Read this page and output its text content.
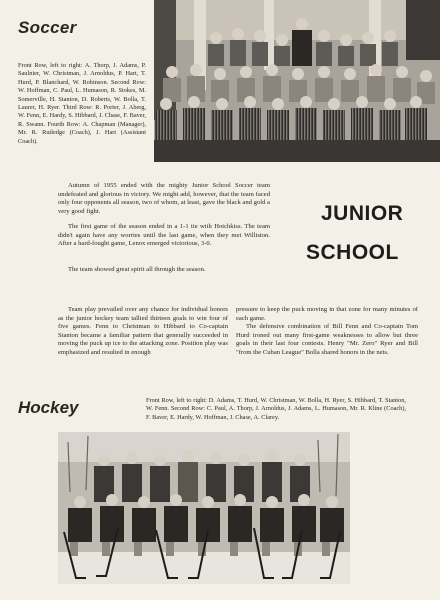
Soccer
Front Row, left to right: A. Thorp, J. Adams, P. Saulnier, W. Christman, J. Arnoldus, P. Hart, T. Hurd, P. Blanchard, W. Robinson. Second Row: W. Hoffman, C. Paul, L. Humason, R. Stokes, M. Somerville, H. Stanton, D. Roberts, W. Bolla, T. Laurer, H. Ryer. Third Row: R. Porter, J. Aberg, W. Fenn, E. Hardy, S. Hibbard, J. Chase, F. Baver, R. Swann. Fourth Row: A. Chapman (Manager), Mr. R. Rutledge (Coach), J. Hart (Assistant Coach).
Autumn of 1955 ended with the mighty Junior School Soccer team undefeated and glorious in victory. We might add, however, that the team faced only four opponents all season, two of whom, at least, gave the black and gold a very good fight.
The first game of the season ended in a 1-1 tie with Hotchkiss. The team didn't again have any worries until the last game, when they met Williston. After a hard-fought game, Lenox emerged victorious, 3-0.
The team showed great spirit all through the season.
JUNIOR
SCHOOL
Team play prevailed over any chance for individual honors as the junior hockey team tallied thirteen goals to win four of five games. Fenn to Christman to Hibbard to Co-captain Stanton became a familiar pattern that generally succeeded in moving the puck up ice to the attacking zone. Position play was emphasized and resulted in enough
pressure to keep the puck moving in that zone for many minutes of each game.
The defensive combination of Bill Fenn and Co-captain Tom Hurd ironed out many first-game weaknesses to allow but three goals in their last four contests. Henry "Mr. Zero" Ryer and Bill "from the Cuban League" Bolla shared honors in the nets.
Hockey	Front Row, left to right: D. Adams, T. Hurd, W. Christman, W. Bolla, H. Ryer, S. Hibbard, T. Stanton, W. Fenn. Second Row: C. Paul, A. Thorp, J. Arnoldus, J. Adams, L. Humason, Mr. R. Kline (Coach), F. Baver, E. Hardy, W. Hoffman, J. Chase, A. Clarey.
